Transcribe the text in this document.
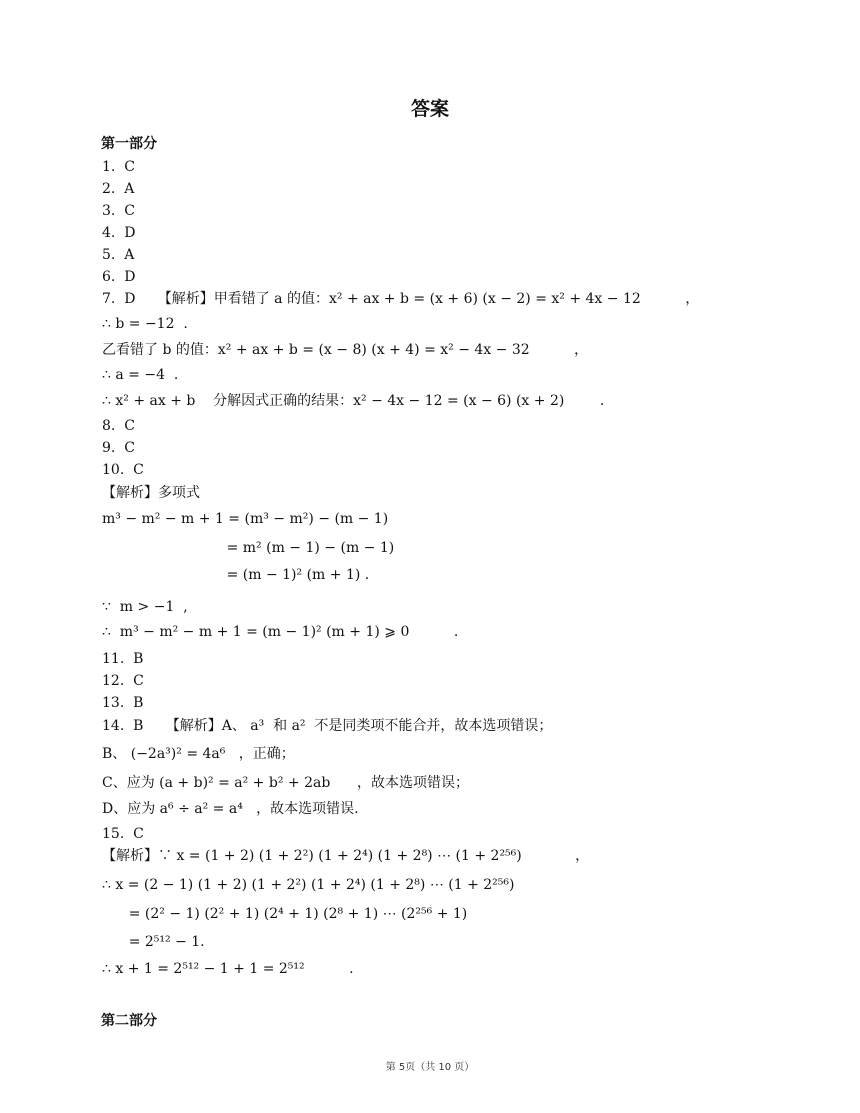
答案
第一部分
1.  C
2.  A
3.  C
4.  D
5.  A
6.  D
7.  D     【解析】甲看错了 a 的值：x² + ax + b = (x + 6) (x − 2) = x² + 4x − 12          ，
∴ b = −12  .
乙看错了 b 的值：x² + ax + b = (x − 8) (x + 4) = x² − 4x − 32          ，
∴ a = −4  .
∴ x² + ax + b    分解因式正确的结果：x² − 4x − 12 = (x − 6) (x + 2)        .
8.  C
9.  C
10.  C
【解析】多项式
m³ − m² − m + 1 = (m³ − m²) − (m − 1)
= m² (m − 1) − (m − 1)
= (m − 1)² (m + 1) .
∵  m > −1  ,
∴  m³ − m² − m + 1 = (m − 1)² (m + 1) ⩾ 0          .
11.  B
12.  C
13.  B
14.  B     【解析】A、 a³  和 a²  不是同类项不能合并，故本选项错误；
B、 (−2a³)² = 4a⁶   ，正确；
C、应为 (a + b)² = a² + b² + 2ab      ，故本选项错误；
D、应为 a⁶ ÷ a² = a⁴   ，故本选项错误.
15.  C
【解析】∵ x = (1 + 2) (1 + 2²) (1 + 2⁴) (1 + 2⁸) ⋯ (1 + 2²⁵⁶)            ，
∴ x = (2 − 1) (1 + 2) (1 + 2²) (1 + 2⁴) (1 + 2⁸) ⋯ (1 + 2²⁵⁶)
= (2² − 1) (2² + 1) (2⁴ + 1) (2⁸ + 1) ⋯ (2²⁵⁶ + 1)
= 2⁵¹² − 1.
∴ x + 1 = 2⁵¹² − 1 + 1 = 2⁵¹²          .
第二部分
第 5页（共 10 页）
